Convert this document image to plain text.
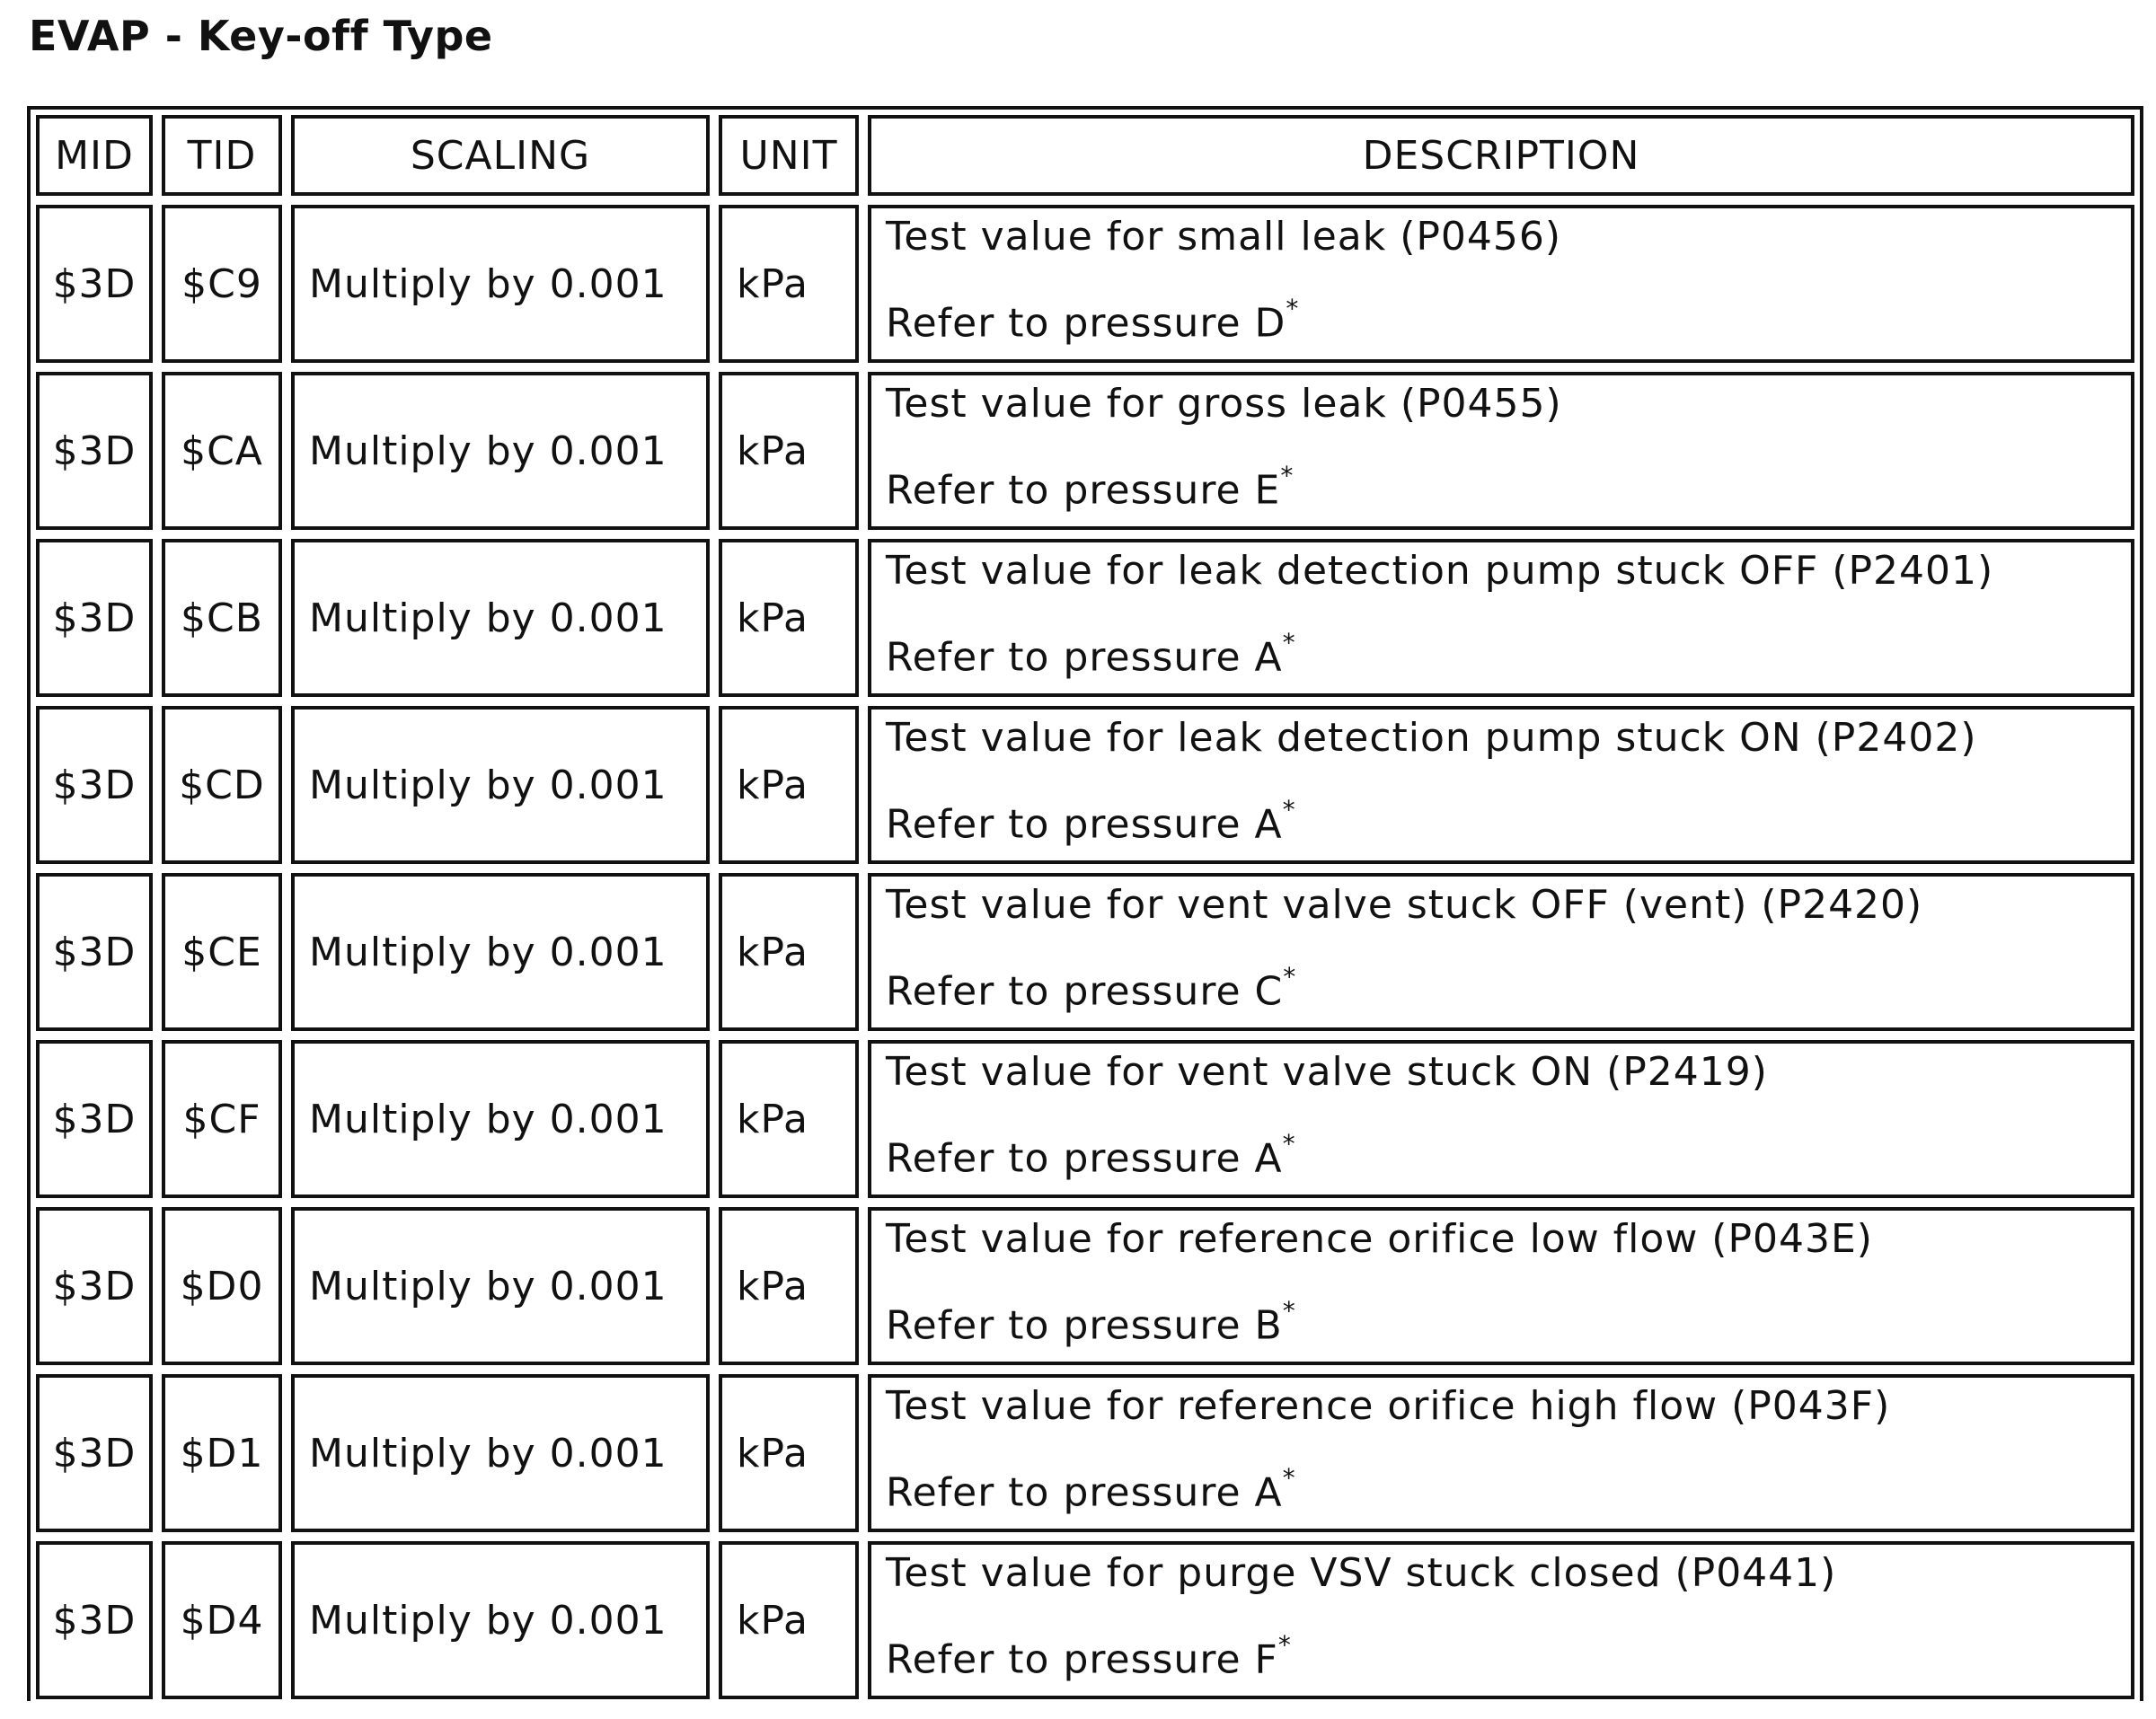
EVAP - Key-off Type
MID	TID	SCALING	UNIT	DESCRIPTION
$3D	$C9	Multiply by 0.001	kPa	Test value for small leak (P0456)
Refer to pressure D*

$3D	$CA	Multiply by 0.001	kPa	Test value for gross leak (P0455)
Refer to pressure E*

$3D	$CB	Multiply by 0.001	kPa	Test value for leak detection pump stuck OFF (P2401)
Refer to pressure A*

$3D	$CD	Multiply by 0.001	kPa	Test value for leak detection pump stuck ON (P2402)
Refer to pressure A*

$3D	$CE	Multiply by 0.001	kPa	Test value for vent valve stuck OFF (vent) (P2420)
Refer to pressure C*

$3D	$CF	Multiply by 0.001	kPa	Test value for vent valve stuck ON (P2419)
Refer to pressure A*

$3D	$D0	Multiply by 0.001	kPa	Test value for reference orifice low flow (P043E)
Refer to pressure B*

$3D	$D1	Multiply by 0.001	kPa	Test value for reference orifice high flow (P043F)
Refer to pressure A*

$3D	$D4	Multiply by 0.001	kPa	Test value for purge VSV stuck closed (P0441)
Refer to pressure F*
